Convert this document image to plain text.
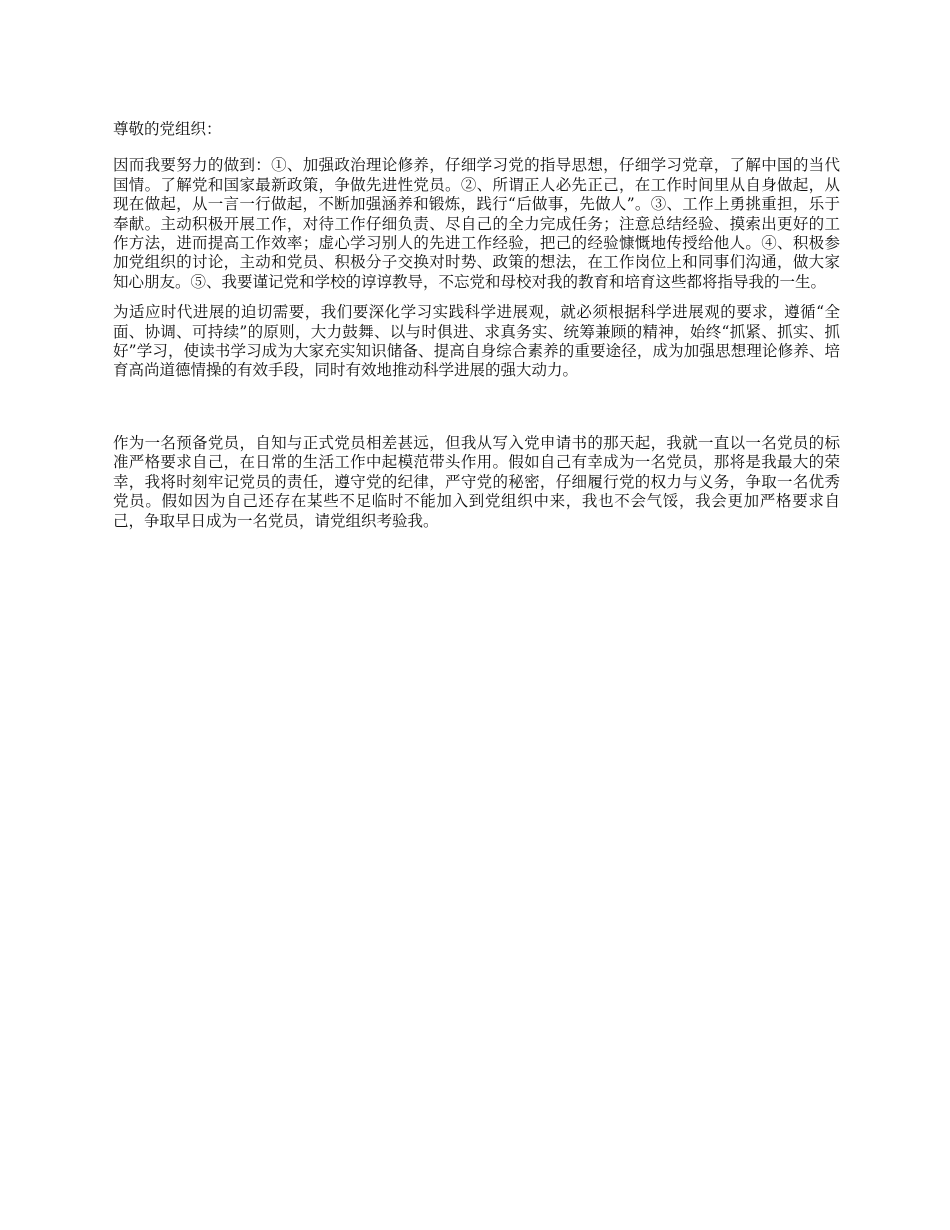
尊敬的党组织：

因而我要努力的做到：①、加强政治理论修养，仔细学习党的指导思想，仔细学习党章，了解中国的当代国情。了解党和国家最新政策，争做先进性党员。②、所谓正人必先正己，在工作时间里从自身做起，从现在做起，从一言一行做起，不断加强涵养和锻炼，践行“后做事，先做人”。③、工作上勇挑重担，乐于奉献。主动积极开展工作，对待工作仔细负责、尽自己的全力完成任务；注意总结经验、摸索出更好的工作方法，进而提高工作效率；虚心学习别人的先进工作经验，把己的经验慷慨地传授给他人。④、积极参加党组织的讨论，主动和党员、积极分子交换对时势、政策的想法，在工作岗位上和同事们沟通，做大家知心朋友。⑤、我要谨记党和学校的谆谆教导，不忘党和母校对我的教育和培育这些都将指导我的一生。

为适应时代进展的迫切需要，我们要深化学习实践科学进展观，就必须根据科学进展观的要求，遵循“全面、协调、可持续”的原则，大力鼓舞、以与时俱进、求真务实、统筹兼顾的精神，始终“抓紧、抓实、抓好”学习，使读书学习成为大家充实知识储备、提高自身综合素养的重要途径，成为加强思想理论修养、培育高尚道德情操的有效手段，同时有效地推动科学进展的强大动力。

作为一名预备党员，自知与正式党员相差甚远，但我从写入党申请书的那天起，我就一直以一名党员的标准严格要求自己，在日常的生活工作中起模范带头作用。假如自己有幸成为一名党员，那将是我最大的荣幸，我将时刻牢记党员的责任，遵守党的纪律，严守党的秘密，仔细履行党的权力与义务，争取一名优秀党员。假如因为自己还存在某些不足临时不能加入到党组织中来，我也不会气馁，我会更加严格要求自己，争取早日成为一名党员，请党组织考验我。
